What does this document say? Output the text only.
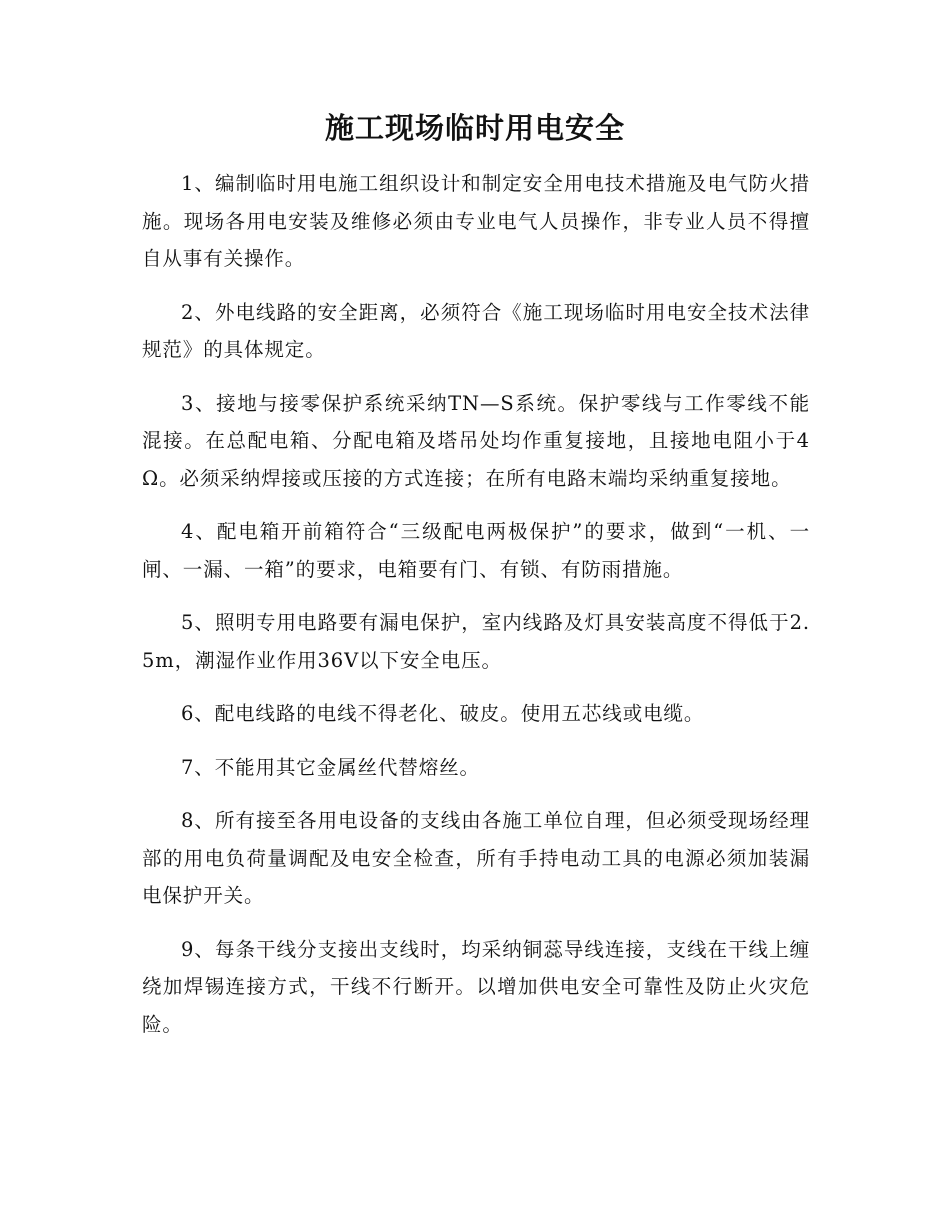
施工现场临时用电安全

1、编制临时用电施工组织设计和制定安全用电技术措施及电气防火措施。现场各用电安装及维修必须由专业电气人员操作，非专业人员不得擅自从事有关操作。

2、外电线路的安全距离，必须符合《施工现场临时用电安全技术法律规范》的具体规定。

3、接地与接零保护系统采纳TN—S系统。保护零线与工作零线不能混接。在总配电箱、分配电箱及塔吊处均作重复接地，且接地电阻小于4Ω。必须采纳焊接或压接的方式连接；在所有电路末端均采纳重复接地。

4、配电箱开前箱符合“三级配电两极保护”的要求，做到“一机、一闸、一漏、一箱”的要求，电箱要有门、有锁、有防雨措施。

5、照明专用电路要有漏电保护，室内线路及灯具安装高度不得低于2.5m，潮湿作业作用36V以下安全电压。

6、配电线路的电线不得老化、破皮。使用五芯线或电缆。

7、不能用其它金属丝代替熔丝。

8、所有接至各用电设备的支线由各施工单位自理，但必须受现场经理部的用电负荷量调配及电安全检查，所有手持电动工具的电源必须加装漏电保护开关。

9、每条干线分支接出支线时，均采纳铜蕊导线连接，支线在干线上缠绕加焊锡连接方式，干线不行断开。以增加供电安全可靠性及防止火灾危险。
